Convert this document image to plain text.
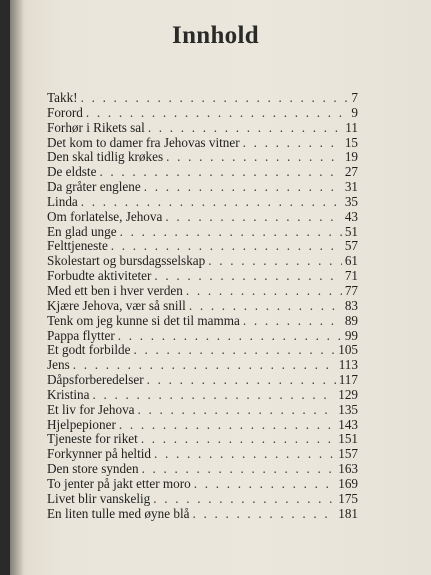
Innhold
Takk! . . .	7
Forord . . .	9
Forhør i Rikets sal . . .	11
Det kom to damer fra Jehovas vitner . . .	15
Den skal tidlig krøkes . . .	19
De eldste . . .	27
Da gråter englene . . .	31
Linda . . .	35
Om forlatelse, Jehova . . .	43
En glad unge . . .	51
Felttjeneste . . .	57
Skolestart og bursdagsselskap . . .	61
Forbudte aktiviteter . . .	71
Med ett ben i hver verden . . .	77
Kjære Jehova, vær så snill . . .	83
Tenk om jeg kunne si det til mamma . . .	89
Pappa flytter . . .	99
Et godt forbilde . . .	105
Jens . . .	113
Dåpsforberedelser . . .	117
Kristina . . .	129
Et liv for Jehova . . .	135
Hjelpepioner . . .	143
Tjeneste for riket . . .	151
Forkynner på heltid . . .	157
Den store synden . . .	163
To jenter på jakt etter moro . . .	169
Livet blir vanskelig . . .	175
En liten tulle med øyne blå . . .	181
